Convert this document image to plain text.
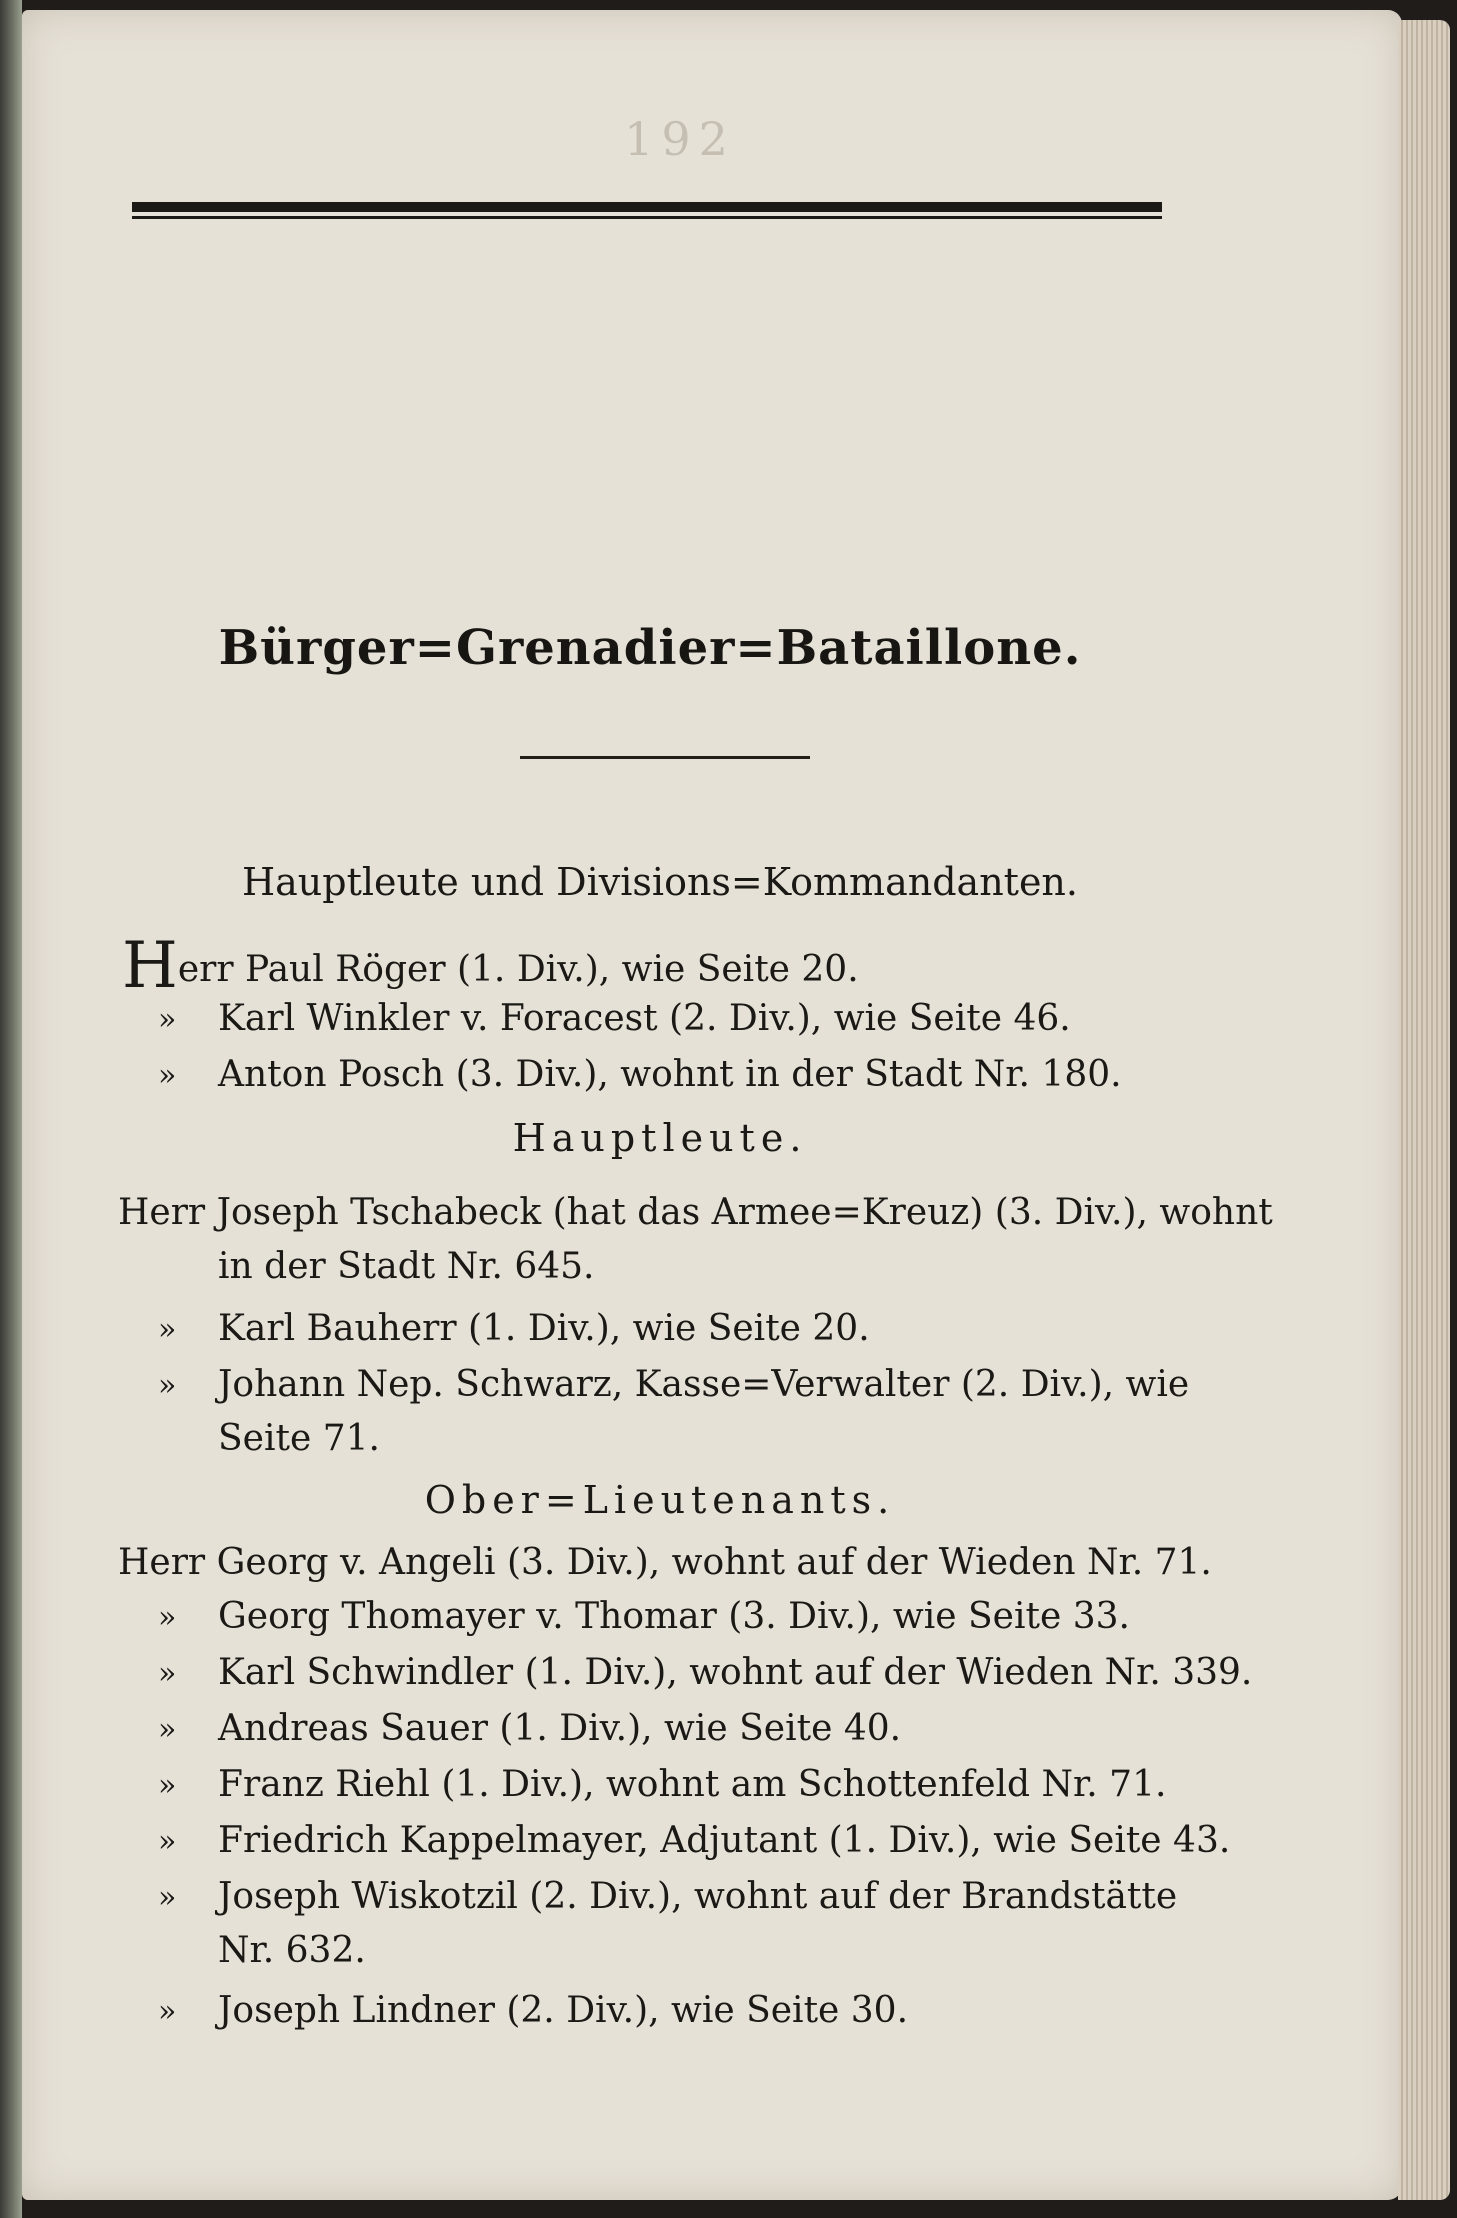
192
Bürger=Grenadier=Bataillone.
Hauptleute und Divisions=Kommandanten.
Herr Paul Röger (1. Div.), wie Seite 20.
» Karl Winkler v. Foracest (2. Div.), wie Seite 46.
» Anton Posch (3. Div.), wohnt in der Stadt Nr. 180.
Hauptleute.
Herr Joseph Tschabeck (hat das Armee=Kreuz) (3. Div.), wohnt
in der Stadt Nr. 645.
» Karl Bauherr (1. Div.), wie Seite 20.
» Johann Nep. Schwarz, Kasse=Verwalter (2. Div.), wie
Seite 71.
Ober=Lieutenants.
Herr Georg v. Angeli (3. Div.), wohnt auf der Wieden Nr. 71.
» Georg Thomayer v. Thomar (3. Div.), wie Seite 33.
» Karl Schwindler (1. Div.), wohnt auf der Wieden Nr. 339.
» Andreas Sauer (1. Div.), wie Seite 40.
» Franz Riehl (1. Div.), wohnt am Schottenfeld Nr. 71.
» Friedrich Kappelmayer, Adjutant (1. Div.), wie Seite 43.
» Joseph Wiskotzil (2. Div.), wohnt auf der Brandstätte
Nr. 632.
» Joseph Lindner (2. Div.), wie Seite 30.
